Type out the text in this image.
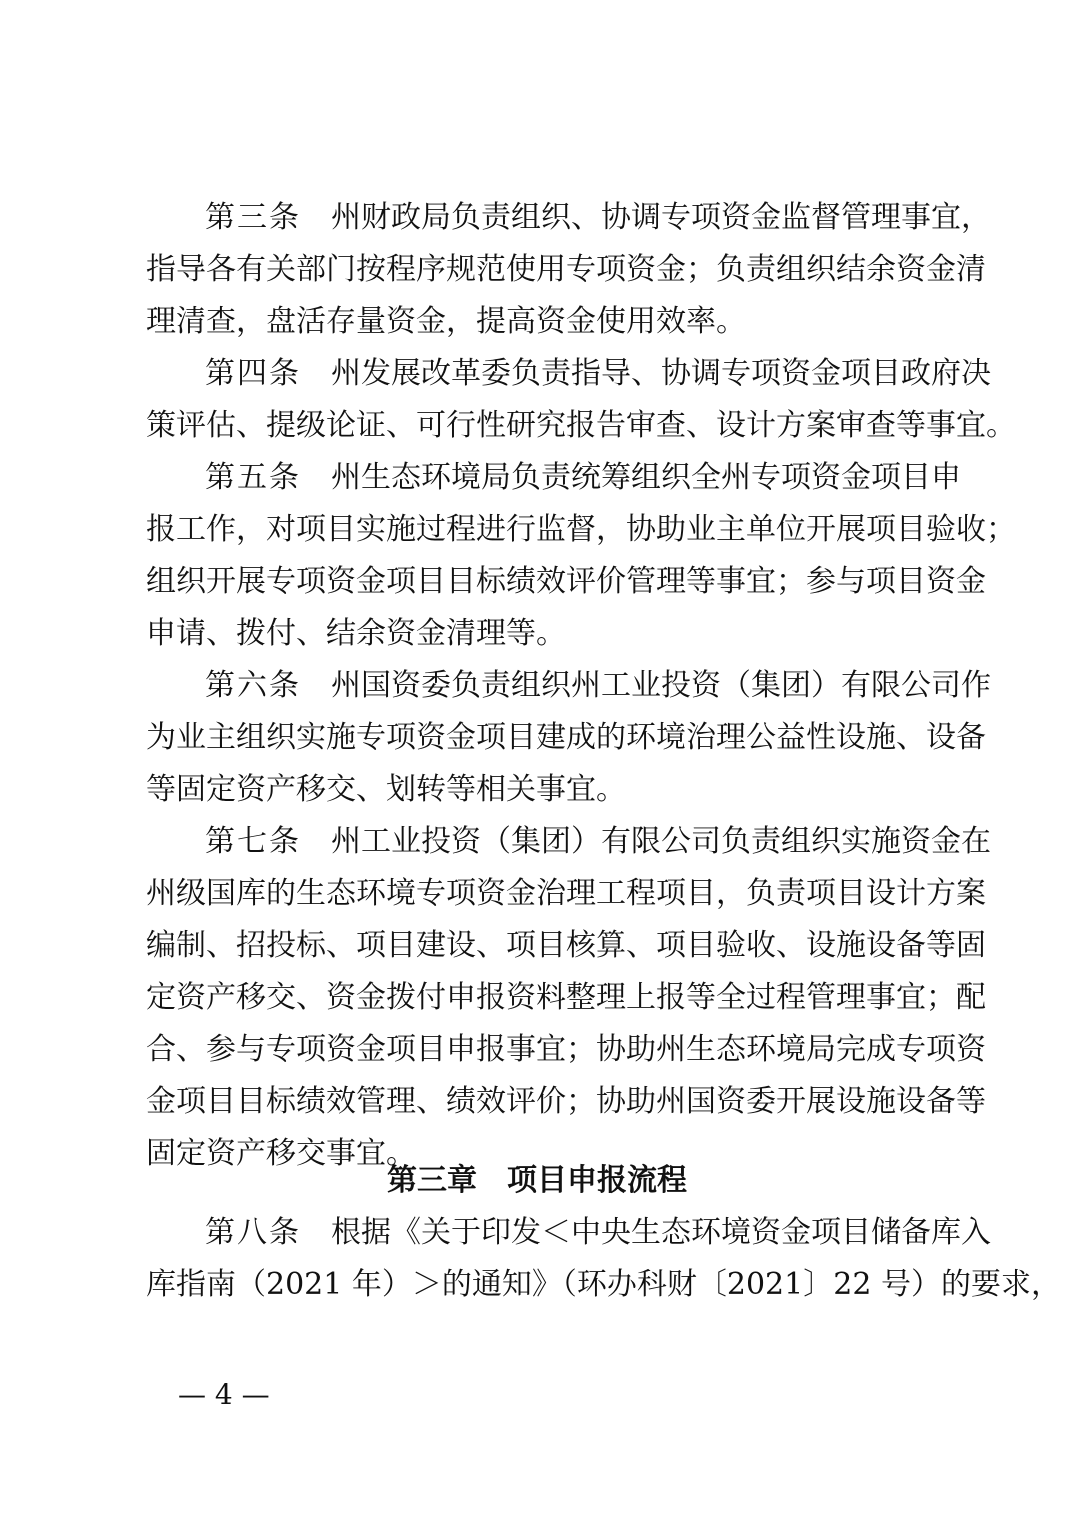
第三条 州财政局负责组织、协调专项资金监督管理事宜，
指导各有关部门按程序规范使用专项资金；负责组织结余资金清
理清查，盘活存量资金，提高资金使用效率。
第四条 州发展改革委负责指导、协调专项资金项目政府决
策评估、提级论证、可行性研究报告审查、设计方案审查等事宜。
第五条 州生态环境局负责统筹组织全州专项资金项目申
报工作，对项目实施过程进行监督，协助业主单位开展项目验收；
组织开展专项资金项目目标绩效评价管理等事宜；参与项目资金
申请、拨付、结余资金清理等。
第六条 州国资委负责组织州工业投资（集团）有限公司作
为业主组织实施专项资金项目建成的环境治理公益性设施、设备
等固定资产移交、划转等相关事宜。
第七条 州工业投资（集团）有限公司负责组织实施资金在
州级国库的生态环境专项资金治理工程项目，负责项目设计方案
编制、招投标、项目建设、项目核算、项目验收、设施设备等固
定资产移交、资金拨付申报资料整理上报等全过程管理事宜；配
合、参与专项资金项目申报事宜；协助州生态环境局完成专项资
金项目目标绩效管理、绩效评价；协助州国资委开展设施设备等
固定资产移交事宜。
第三章　项目申报流程
第八条 根据《关于印发＜中央生态环境资金项目储备库入
库指南（2021 年）＞的通知》（环办科财〔2021〕22 号）的要求，
— 4 —
